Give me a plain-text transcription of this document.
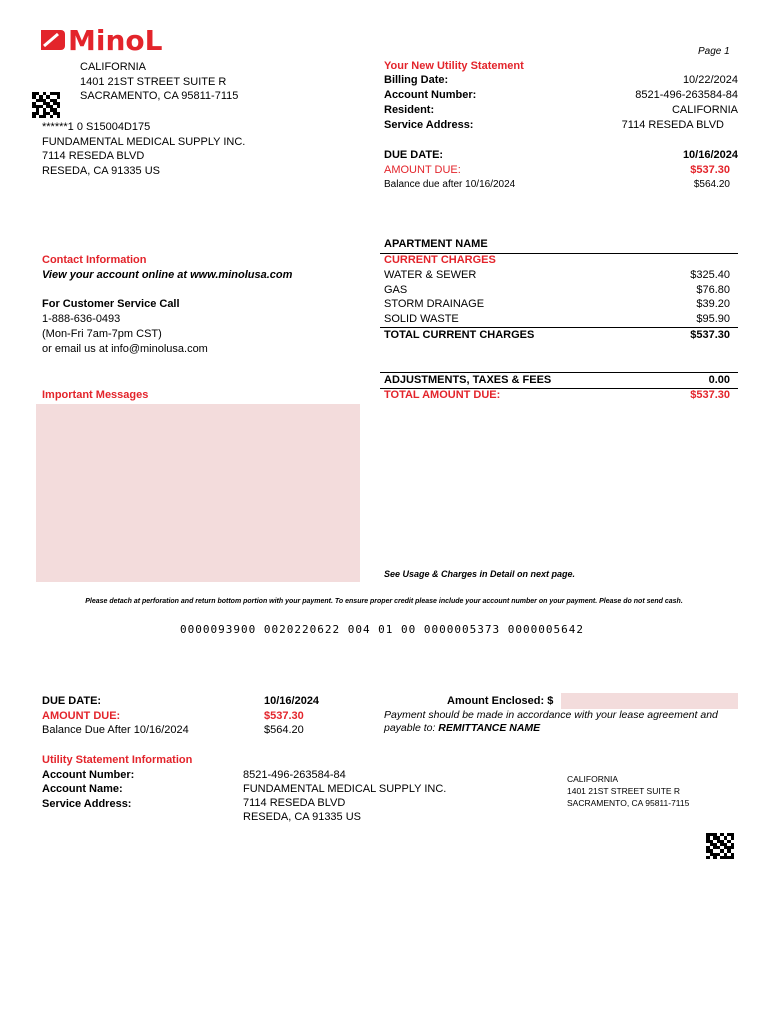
MinoL	Page 1
CALIFORNIA
1401 21ST STREET SUITE R
SACRAMENTO, CA 95811-7115
******1 0 S15004D175
FUNDAMENTAL MEDICAL SUPPLY INC.
7114 RESEDA BLVD
RESEDA, CA 91335 US
Your New Utility Statement
Billing Date:	10/22/2024
Account Number:	8521-496-263584-84
Resident:	CALIFORNIA
Service Address:	7114 RESEDA BLVD
DUE DATE:	10/16/2024
AMOUNT DUE:	$537.30
Balance due after 10/16/2024	$564.20
Contact Information
View your account online at www.minolusa.com
For Customer Service Call
1-888-636-0493
(Mon-Fri 7am-7pm CST)
or email us at info@minolusa.com
Important Messages
APARTMENT NAME
CURRENT CHARGES
WATER & SEWER	$325.40
GAS	$76.80
STORM DRAINAGE	$39.20
SOLID WASTE	$95.90
TOTAL CURRENT CHARGES	$537.30
ADJUSTMENTS, TAXES & FEES	0.00
TOTAL AMOUNT DUE:	$537.30
See Usage & Charges in Detail on next page.
Please detach at perforation and return bottom portion with your payment. To ensure proper credit please include your account number on your payment. Please do not send cash.
0000093900 0020220622 004 01 00 0000005373 0000005642
DUE DATE:	10/16/2024
AMOUNT DUE:	$537.30
Balance Due After 10/16/2024	$564.20
Amount Enclosed: $
Payment should be made in accordance with your lease agreement and
payable to: REMITTANCE NAME
Utility Statement Information
Account Number:	8521-496-263584-84
Account Name:	FUNDAMENTAL MEDICAL SUPPLY INC.
Service Address:	7114 RESEDA BLVD
RESEDA, CA 91335 US
CALIFORNIA
1401 21ST STREET SUITE R
SACRAMENTO, CA 95811-7115
